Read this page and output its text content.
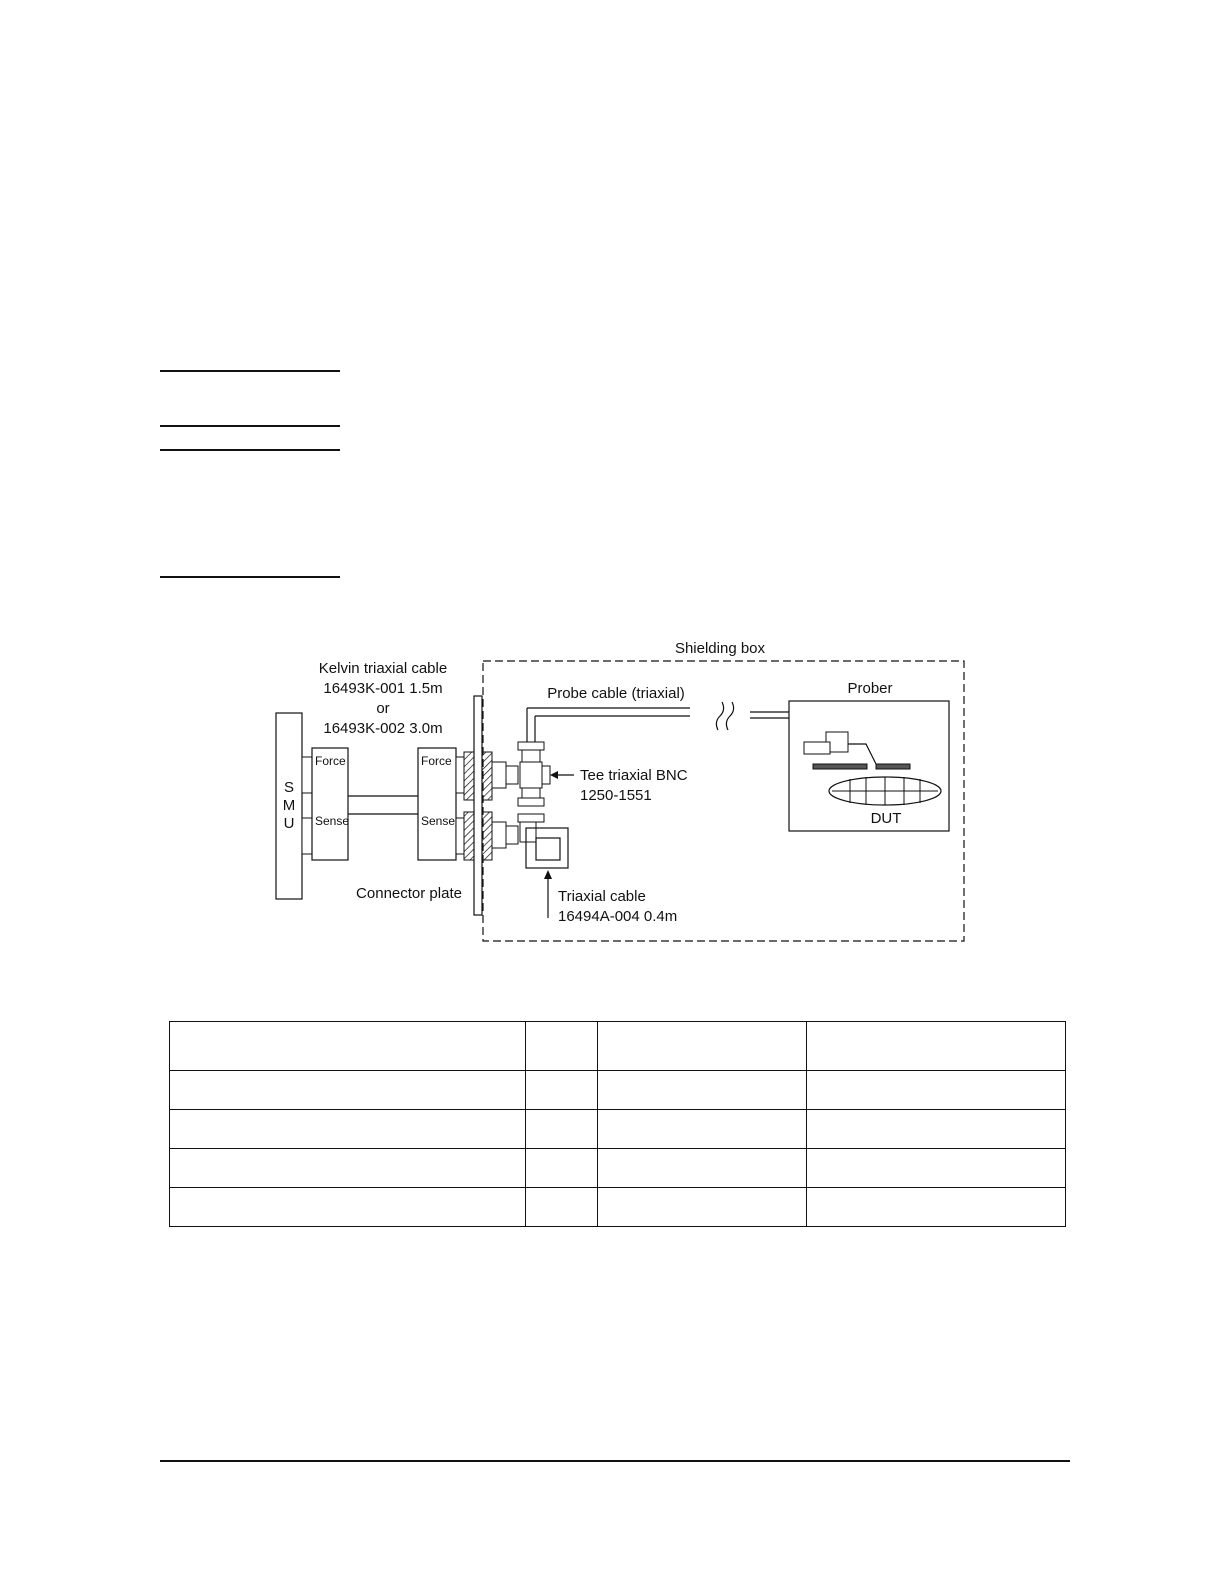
Shielding box
Kelvin triaxial cable
16493K-001 1.5m
or
16493K-002 3.0m
S
M
U
Force
Sense
Force
Sense
Connector plate
Probe cable (triaxial)
Tee triaxial BNC
1250-1551
Triaxial cable
16494A-004 0.4m
Prober
DUT
